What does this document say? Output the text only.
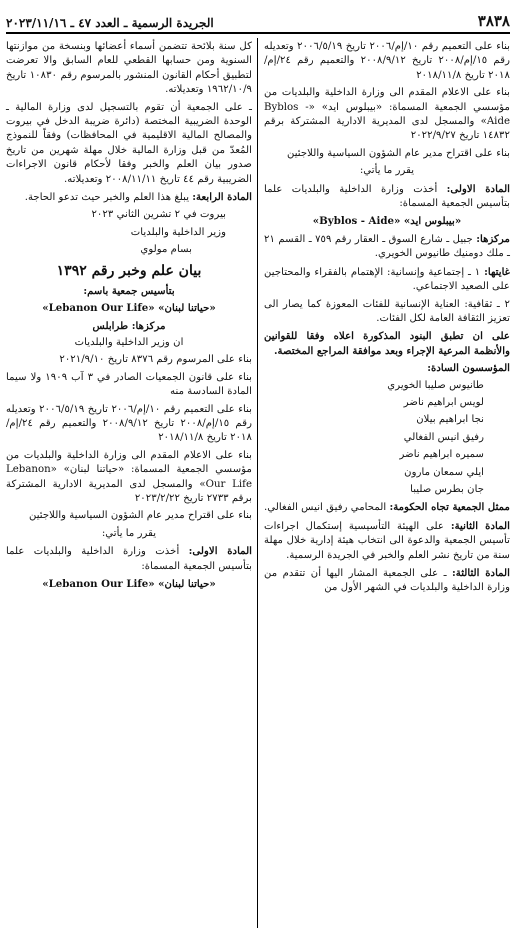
٣٨٣٨
الجريدة الرسمية ـ العدد ٤٧ ـ ٢٠٢٣/١١/١٦

بناء على التعميم رقم ١٠/إم/٢٠٠٦ تاريخ ٢٠٠٦/٥/١٩ وتعديله رقم ١٥/إم/٢٠٠٨ تاريخ ٢٠٠٨/٩/١٢ والتعميم رقم ٢٤/إم/٢٠١٨ تاريخ ٢٠١٨/١١/٨

بناء على الاعلام المقدم الى وزارة الداخلية والبلديات من مؤسسي الجمعية المسماة: «بيبلوس ايد» «Byblos - Aide» والمسجل لدى المديرية الادارية المشتركة برقم ١٤٨٣٢ تاريخ ٢٠٢٢/٩/٢٧

بناء على اقتراح مدير عام الشؤون السياسية واللاجئين

يقرر ما يأتي:

المادة الاولى: أخذت وزارة الداخلية والبلديات علما بتأسيس الجمعية المسماة:

«بيبلوس ايد» «Byblos - Aide»

مركزها: جبيل ـ شارع السوق ـ العقار رقم ٧٥٩ ـ القسم ٢١ ـ ملك دومنيك طانيوس الخويري.

غايتها: ١ ـ إجتماعية وإنسانية: الإهتمام بالفقراء والمحتاجين على الصعيد الاجتماعي.

٢ ـ ثقافية: العناية الإنسانية للفئات المعوزة كما يصار الى تعزيز الثقافة العامة لكل الفئات.

على ان تطبق البنود المذكورة اعلاه وفقا للقوانين والأنظمة المرعية الإجراء وبعد موافقة المراجع المختصة.

المؤسسون السادة:

طانيوس صليبا الخويري

لويس ابراهيم ناضر

نجا ابراهيم بيلان

رفيق انيس الفغالي

سميره ابراهيم ناضر

ايلي سمعان مارون

جان بطرس صليبا

ممثل الجمعية تجاه الحكومة: المحامي رفيق انيس الفغالي.

المادة الثانية: على الهيئة التأسيسية إستكمال اجراءات تأسيس الجمعية والدعوة الى انتخاب هيئة إدارية خلال مهلة سنة من تاريخ نشر العلم والخبر في الجريدة الرسمية.

المادة الثالثة: ـ على الجمعية المشار اليها أن تتقدم من وزارة الداخلية والبلديات في الشهر الأول من

كل سنة بلائحة تتضمن أسماء أعضائها وبنسخة من موازنتها السنوية ومن حسابها القطعي للعام السابق والا تعرضت لتطبيق أحكام القانون المنشور بالمرسوم رقم ١٠٨٣٠ تاريخ ١٩٦٢/١٠/٩ وتعديلاته.

ـ على الجمعية أن تقوم بالتسجيل لدى وزارة المالية ـ الوحدة الضريبية المختصة (دائرة ضريبة الدخل في بيروت والمصالح المالية الاقليمية في المحافظات) وفقاً للنموذج المُعدّ من قبل وزارة المالية خلال مهلة شهرين من تاريخ صدور بيان العلم والخبر وفقا لأحكام قانون الاجراءات الضريبية رقم ٤٤ تاريخ ٢٠٠٨/١١/١١ وتعديلاته.

المادة الرابعة: يبلغ هذا العلم والخبر حيث تدعو الحاجة.

بيروت في ٢ تشرين الثاني ٢٠٢٣

وزير الداخلية والبلديات

بسام مولوي

بيان علم وخبر رقم ١٣٩٢

بتأسيس جمعية باسم:

«حياتنا لبنان» «Lebanon Our Life»

مركزها: طرابلس

ان وزير الداخلية والبلديات

بناء على المرسوم رقم ٨٣٧٦ تاريخ ٢٠٢١/٩/١٠

بناء على قانون الجمعيات الصادر في ٣ آب ١٩٠٩ ولا سيما المادة السادسة منه

بناء على التعميم رقم ١٠/إم/٢٠٠٦ تاريخ ٢٠٠٦/٥/١٩ وتعديله رقم ١٥/إم/٢٠٠٨ تاريخ ٢٠٠٨/٩/١٢ والتعميم رقم ٢٤/إم/٢٠١٨ تاريخ ٢٠١٨/١١/٨

بناء على الاعلام المقدم الى وزارة الداخلية والبلديات من مؤسسي الجمعية المسماة: «حياتنا لبنان» «Lebanon Our Life» والمسجل لدى المديرية الادارية المشتركة برقم ٢٧٣٣ تاريخ ٢٠٢٣/٢/٢٢

بناء على اقتراح مدير عام الشؤون السياسية واللاجئين

يقرر ما يأتي:

المادة الاولى: أخذت وزارة الداخلية والبلديات علما بتأسيس الجمعية المسماة:

«حياتنا لبنان» «Lebanon Our Life»
